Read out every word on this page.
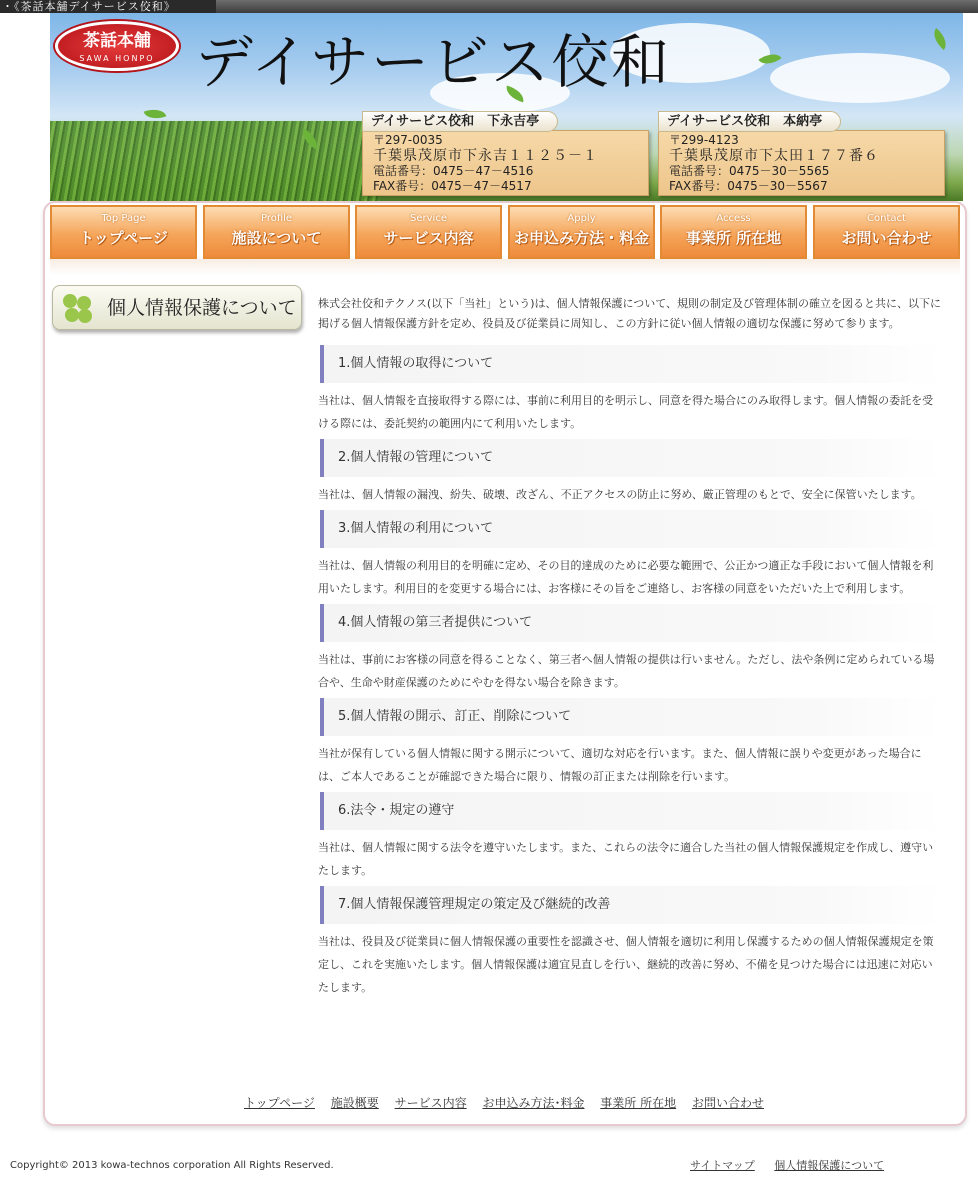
・《茶話本舗デイサービス佼和》
茶話本舗
SAWA HONPO デイサービス佼和
デイサービス佼和　下永吉亭

〒297-0035

千葉県茂原市下永吉１１２５－１

電話番号：0475－47－4516

FAX番号：0475－47－4517

デイサービス佼和　本納亭

〒299-4123

千葉県茂原市下太田１７７番６

電話番号：0475－30－5565

FAX番号：0475－30－5567

Top Page
トップページ
Profile
施設について
Service
サービス内容
Apply
お申込み方法・料金
Access
事業所 所在地
Contact
お問い合わせ
個人情報保護について 株式会社佼和テクノス(以下「当社」という)は、個人情報保護について、規則の制定及び管理体制の確立を図ると共に、以下に掲げる個人情報保護方針を定め、役員及び従業員に周知し、この方針に従い個人情報の適切な保護に努めて参ります。

1.個人情報の取得について

当社は、個人情報を直接取得する際には、事前に利用目的を明示し、同意を得た場合にのみ取得します。個人情報の委託を受ける際には、委託契約の範囲内にて利用いたします。

2.個人情報の管理について

当社は、個人情報の漏洩、紛失、破壊、改ざん、不正アクセスの防止に努め、厳正管理のもとで、安全に保管いたします。

3.個人情報の利用について

当社は、個人情報の利用目的を明確に定め、その目的達成のために必要な範囲で、公正かつ適正な手段において個人情報を利用いたします。利用目的を変更する場合には、お客様にその旨をご連絡し、お客様の同意をいただいた上で利用します。

4.個人情報の第三者提供について

当社は、事前にお客様の同意を得ることなく、第三者へ個人情報の提供は行いません。ただし、法や条例に定められている場合や、生命や財産保護のためにやむを得ない場合を除きます。

5.個人情報の開示、訂正、削除について

当社が保有している個人情報に関する開示について、適切な対応を行います。また、個人情報に誤りや変更があった場合には、ご本人であることが確認できた場合に限り、情報の訂正または削除を行います。

6.法令・規定の遵守

当社は、個人情報に関する法令を遵守いたします。また、これらの法令に適合した当社の個人情報保護規定を作成し、遵守いたします。

7.個人情報保護管理規定の策定及び継続的改善

当社は、役員及び従業員に個人情報保護の重要性を認識させ、個人情報を適切に利用し保護するための個人情報保護規定を策定し、これを実施いたします。個人情報保護は適宜見直しを行い、継続的改善に努め、不備を見つけた場合には迅速に対応いたします。

トップページ 施設概要 サービス内容 お申込み方法･料金 事業所 所在地 お問い合わせ
Copyright© 2013 kowa-technos corporation All Rights Reserved.	サイトマップ 個人情報保護について
